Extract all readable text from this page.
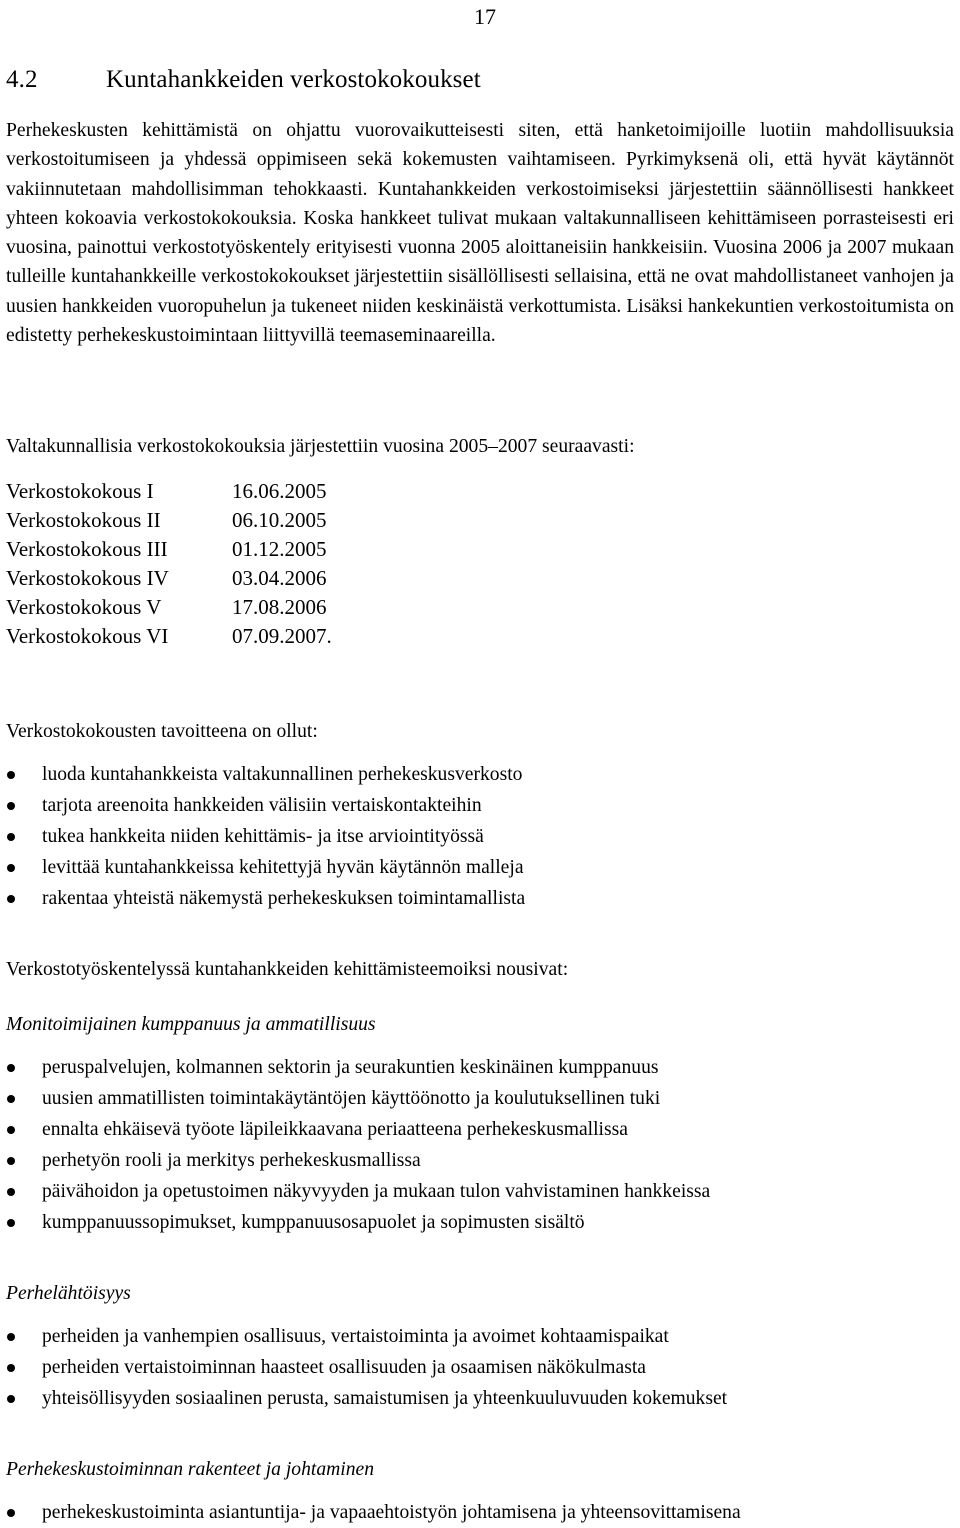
17
4.2	Kuntahankkeiden verkostokokoukset

Perhekeskusten kehittämistä on ohjattu vuorovaikutteisesti siten, että hanketoimijoille luotiin mahdollisuuksia verkostoitumiseen ja yhdessä oppimiseen sekä kokemusten vaihtamiseen. Pyrkimyksenä oli, että hyvät käytännöt vakiinnutetaan mahdollisimman tehokkaasti. Kuntahankkeiden verkostoimiseksi järjestettiin säännöllisesti hankkeet yhteen kokoavia verkostokokouksia. Koska hankkeet tulivat mukaan valtakunnalliseen kehittämiseen porrasteisesti eri vuosina, painottui verkostotyöskentely erityisesti vuonna 2005 aloittaneisiin hankkeisiin. Vuosina 2006 ja 2007 mukaan tulleille kuntahankkeille verkostokokoukset järjestettiin sisällöllisesti sellaisina, että ne ovat mahdollistaneet vanhojen ja uusien hankkeiden vuoropuhelun ja tukeneet niiden keskinäistä verkottumista. Lisäksi hankekuntien verkostoitumista on edistetty perhekeskustoimintaan liittyvillä teemaseminaareilla.

Valtakunnallisia verkostokokouksia järjestettiin vuosina 2005–2007 seuraavasti:

Verkostokokous I	16.06.2005
Verkostokokous II	06.10.2005
Verkostokokous III	01.12.2005
Verkostokokous IV	03.04.2006
Verkostokokous V	17.08.2006
Verkostokokous VI	07.09.2007.

Verkostokokousten tavoitteena on ollut:

luoda kuntahankkeista valtakunnallinen perhekeskusverkosto
tarjota areenoita hankkeiden välisiin vertaiskontakteihin
tukea hankkeita niiden kehittämis- ja itse arviointityössä
levittää kuntahankkeissa kehitettyjä hyvän käytännön malleja
rakentaa yhteistä näkemystä perhekeskuksen toimintamallista

Verkostotyöskentelyssä kuntahankkeiden kehittämisteemoiksi nousivat:

Monitoimijainen kumppanuus ja ammatillisuus

peruspalvelujen, kolmannen sektorin ja seurakuntien keskinäinen kumppanuus
uusien ammatillisten toimintakäytäntöjen käyttöönotto ja koulutuksellinen tuki
ennalta ehkäisevä työote läpileikkaavana periaatteena perhekeskusmallissa
perhetyön rooli ja merkitys perhekeskusmallissa
päivähoidon ja opetustoimen näkyvyyden ja mukaan tulon vahvistaminen hankkeissa
kumppanuussopimukset, kumppanuusosapuolet ja sopimusten sisältö

Perhelähtöisyys

perheiden ja vanhempien osallisuus, vertaistoiminta ja avoimet kohtaamispaikat
perheiden vertaistoiminnan haasteet osallisuuden ja osaamisen näkökulmasta
yhteisöllisyyden sosiaalinen perusta, samaistumisen ja yhteenkuuluvuuden kokemukset

Perhekeskustoiminnan rakenteet ja johtaminen

perhekeskustoiminta asiantuntija- ja vapaaehtoistyön johtamisena ja yhteensovittamisena
